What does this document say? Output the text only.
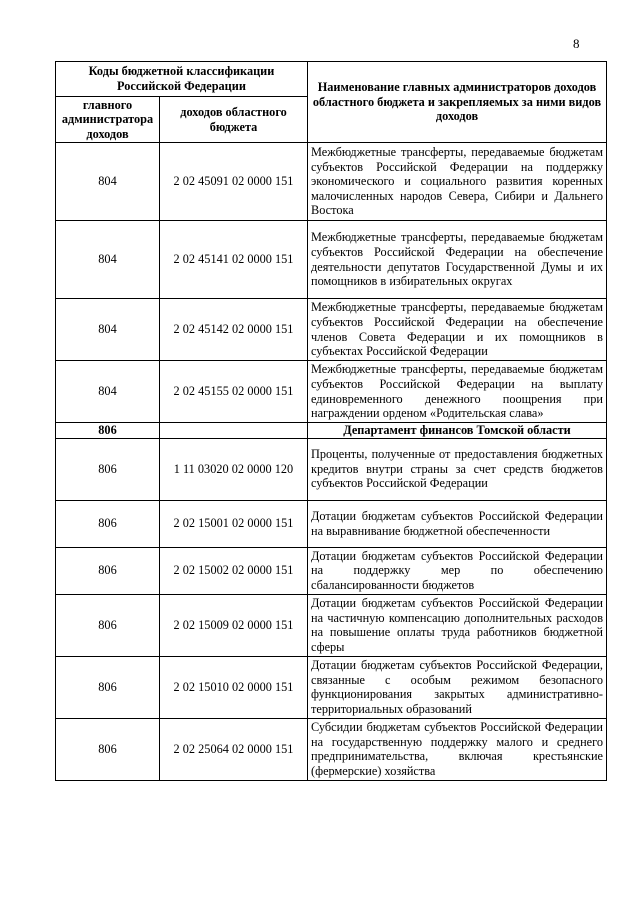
8
Коды бюджетной классификации Российской Федерации		Наименование главных администраторов доходов областного бюджета и закрепляемых за ними видов доходов
главного администратора доходов	доходов областного бюджета	
804	2 02 45091 02 0000 151	Межбюджетные трансферты, передаваемые бюджетам субъектов Российской Федерации на поддержку экономического и социального развития коренных малочисленных народов Севера, Сибири и Дальнего Востока
804	2 02 45141 02 0000 151	Межбюджетные трансферты, передаваемые бюджетам субъектов Российской Федерации на обеспечение деятельности депутатов Государственной Думы и их помощников в избирательных округах
804	2 02 45142 02 0000 151	Межбюджетные трансферты, передаваемые бюджетам субъектов Российской Федерации на обеспечение членов Совета Федерации и их помощников в субъектах Российской Федерации
804	2 02 45155 02 0000 151	Межбюджетные трансферты, передаваемые бюджетам субъектов Российской Федерации на выплату единовременного денежного поощрения при награждении орденом «Родительская слава»
806		Департамент финансов Томской области
806	1 11 03020 02 0000 120	Проценты, полученные от предоставления бюджетных кредитов внутри страны за счет средств бюджетов субъектов Российской Федерации
806	2 02 15001 02 0000 151	Дотации бюджетам субъектов Российской Федерации на выравнивание бюджетной обеспеченности
806	2 02 15002 02 0000 151	Дотации бюджетам субъектов Российской Федерации на поддержку мер по обеспечению сбалансированности бюджетов
806	2 02 15009 02 0000 151	Дотации бюджетам субъектов Российской Федерации на частичную компенсацию дополнительных расходов на повышение оплаты труда работников бюджетной сферы
806	2 02 15010 02 0000 151	Дотации бюджетам субъектов Российской Федерации, связанные с особым режимом безопасного функционирования закрытых административно-территориальных образований
806	2 02 25064 02 0000 151	Субсидии бюджетам субъектов Российской Федерации на государственную поддержку малого и среднего предпринимательства, включая крестьянские (фермерские) хозяйства
